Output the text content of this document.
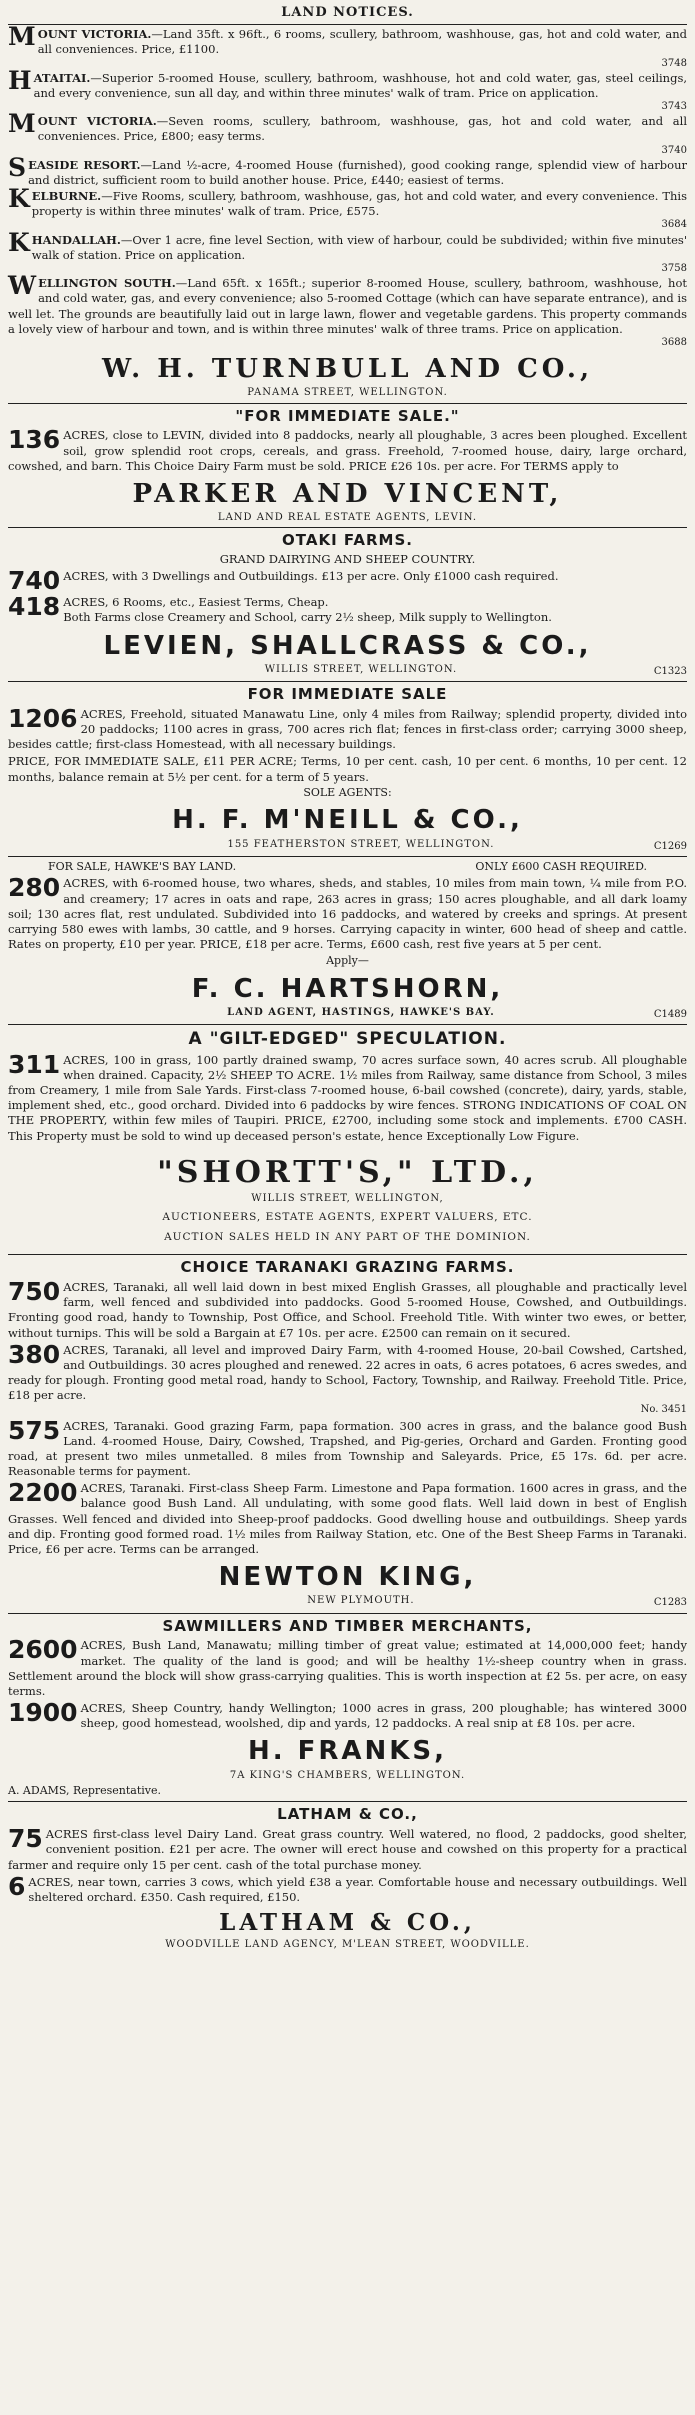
LAND NOTICES.
MOUNT VICTORIA.—Land 35ft. x 96ft., 6 rooms, scullery, bathroom, washhouse, gas, hot and cold water, and all conveniences. Price, £1100.
3748
HATAITAI.—Superior 5-roomed House, scullery, bathroom, washhouse, hot and cold water, gas, steel ceilings, and every convenience, sun all day, and within three minutes' walk of tram. Price on application.
3743
MOUNT VICTORIA.—Seven rooms, scullery, bathroom, washhouse, gas, hot and cold water, and all conveniences. Price, £800; easy terms.
3740
SEASIDE RESORT.—Land ½-acre, 4-roomed House (furnished), good cooking range, splendid view of harbour and district, sufficient room to build another house. Price, £440; easiest of terms.
KELBURNE.—Five Rooms, scullery, bathroom, washhouse, gas, hot and cold water, and every convenience. This property is within three minutes' walk of tram. Price, £575.
3684
KHANDALLAH.—Over 1 acre, fine level Section, with view of harbour, could be subdivided; within five minutes' walk of station. Price on application.
3758
WELLINGTON SOUTH.—Land 65ft. x 165ft.; superior 8-roomed House, scullery, bathroom, washhouse, hot and cold water, gas, and every convenience; also 5-roomed Cottage (which can have separate entrance), and is well let. The grounds are beautifully laid out in large lawn, flower and vegetable gardens. This property commands a lovely view of harbour and town, and is within three minutes' walk of three trams. Price on application.
3688
W. H. TURNBULL AND CO.,
PANAMA STREET, WELLINGTON.
"FOR IMMEDIATE SALE."
136 ACRES, close to LEVIN, divided into 8 paddocks, nearly all ploughable, 3 acres been ploughed. Excellent soil, grow splendid root crops, cereals, and grass. Freehold, 7-roomed house, dairy, large orchard, cowshed, and barn. This Choice Dairy Farm must be sold. PRICE £26 10s. per acre. For TERMS apply to
PARKER AND VINCENT,
LAND AND REAL ESTATE AGENTS, LEVIN.
OTAKI FARMS.
GRAND DAIRYING AND SHEEP COUNTRY.
740 ACRES, with 3 Dwellings and Outbuildings. £13 per acre. Only £1000 cash required.
418 ACRES, 6 Rooms, etc., Easiest Terms, Cheap.
Both Farms close Creamery and School, carry 2½ sheep, Milk supply to Wellington.
LEVIEN, SHALLCRASS & CO.,
WILLIS STREET, WELLINGTON.	C1323
FOR IMMEDIATE SALE
1206 ACRES, Freehold, situated Manawatu Line, only 4 miles from Railway; splendid property, divided into 20 paddocks; 1100 acres in grass, 700 acres rich flat; fences in first-class order; carrying 3000 sheep, besides cattle; first-class Homestead, with all necessary buildings.
PRICE, FOR IMMEDIATE SALE, £11 PER ACRE; Terms, 10 per cent. cash, 10 per cent. 6 months, 10 per cent. 12 months, balance remain at 5½ per cent. for a term of 5 years.
SOLE AGENTS:
H. F. M'NEILL & CO.,
155 FEATHERSTON STREET, WELLINGTON.	C1269
FOR SALE, HAWKE'S BAY LAND.	ONLY £600 CASH REQUIRED.
280 ACRES, with 6-roomed house, two whares, sheds, and stables, 10 miles from main town, ¼ mile from P.O. and creamery; 17 acres in oats and rape, 263 acres in grass; 150 acres ploughable, and all dark loamy soil; 130 acres flat, rest undulated. Subdivided into 16 paddocks, and watered by creeks and springs. At present carrying 580 ewes with lambs, 30 cattle, and 9 horses. Carrying capacity in winter, 600 head of sheep and cattle. Rates on property, £10 per year. PRICE, £18 per acre. Terms, £600 cash, rest five years at 5 per cent.
Apply—
F. C. HARTSHORN,
LAND AGENT, HASTINGS, HAWKE'S BAY.	C1489
A "GILT-EDGED" SPECULATION.
311 ACRES, 100 in grass, 100 partly drained swamp, 70 acres surface sown, 40 acres scrub. All ploughable when drained. Capacity, 2½ SHEEP TO ACRE. 1½ miles from Railway, same distance from School, 3 miles from Creamery, 1 mile from Sale Yards. First-class 7-roomed house, 6-bail cowshed (concrete), dairy, yards, stable, implement shed, etc., good orchard. Divided into 6 paddocks by wire fences. STRONG INDICATIONS OF COAL ON THE PROPERTY, within few miles of Taupiri. PRICE, £2700, including some stock and implements. £700 CASH. This Property must be sold to wind up deceased person's estate, hence Exceptionally Low Figure.
"SHORTT'S," LTD.,
WILLIS STREET, WELLINGTON,
AUCTIONEERS, ESTATE AGENTS, EXPERT VALUERS, ETC.
AUCTION SALES HELD IN ANY PART OF THE DOMINION.
CHOICE TARANAKI GRAZING FARMS.
750 ACRES, Taranaki, all well laid down in best mixed English Grasses, all ploughable and practically level farm, well fenced and subdivided into paddocks. Good 5-roomed House, Cowshed, and Outbuildings. Fronting good road, handy to Township, Post Office, and School. Freehold Title. With winter two ewes, or better, without turnips. This will be sold a Bargain at £7 10s. per acre. £2500 can remain on it secured.
380 ACRES, Taranaki, all level and improved Dairy Farm, with 4-roomed House, 20-bail Cowshed, Cartshed, and Outbuildings. 30 acres ploughed and renewed. 22 acres in oats, 6 acres potatoes, 6 acres swedes, and ready for plough. Fronting good metal road, handy to School, Factory, Township, and Railway. Freehold Title. Price, £18 per acre.
No. 3451
575 ACRES, Taranaki. Good grazing Farm, papa formation. 300 acres in grass, and the balance good Bush Land. 4-roomed House, Dairy, Cowshed, Trapshed, and Pig-geries, Orchard and Garden. Fronting good road, at present two miles unmetalled. 8 miles from Township and Saleyards. Price, £5 17s. 6d. per acre. Reasonable terms for payment.
2200 ACRES, Taranaki. First-class Sheep Farm. Limestone and Papa formation. 1600 acres in grass, and the balance good Bush Land. All undulating, with some good flats. Well laid down in best of English Grasses. Well fenced and divided into Sheep-proof paddocks. Good dwelling house and outbuildings. Sheep yards and dip. Fronting good formed road. 1½ miles from Railway Station, etc. One of the Best Sheep Farms in Taranaki. Price, £6 per acre. Terms can be arranged.
NEWTON KING,
NEW PLYMOUTH.	C1283
SAWMILLERS AND TIMBER MERCHANTS,
2600 ACRES, Bush Land, Manawatu; milling timber of great value; estimated at 14,000,000 feet; handy market. The quality of the land is good; and will be healthy 1½-sheep country when in grass. Settlement around the block will show grass-carrying qualities. This is worth inspection at £2 5s. per acre, on easy terms.
1900 ACRES, Sheep Country, handy Wellington; 1000 acres in grass, 200 ploughable; has wintered 3000 sheep, good homestead, woolshed, dip and yards, 12 paddocks. A real snip at £8 10s. per acre.
H. FRANKS,
7A KING'S CHAMBERS, WELLINGTON.
A. ADAMS, Representative.
LATHAM & CO.,
75 ACRES first-class level Dairy Land. Great grass country. Well watered, no flood, 2 paddocks, good shelter, convenient position. £21 per acre. The owner will erect house and cowshed on this property for a practical farmer and require only 15 per cent. cash of the total purchase money.
6 ACRES, near town, carries 3 cows, which yield £38 a year. Comfortable house and necessary outbuildings. Well sheltered orchard. £350. Cash required, £150.
LATHAM & CO.,
WOODVILLE LAND AGENCY, M'LEAN STREET, WOODVILLE.
